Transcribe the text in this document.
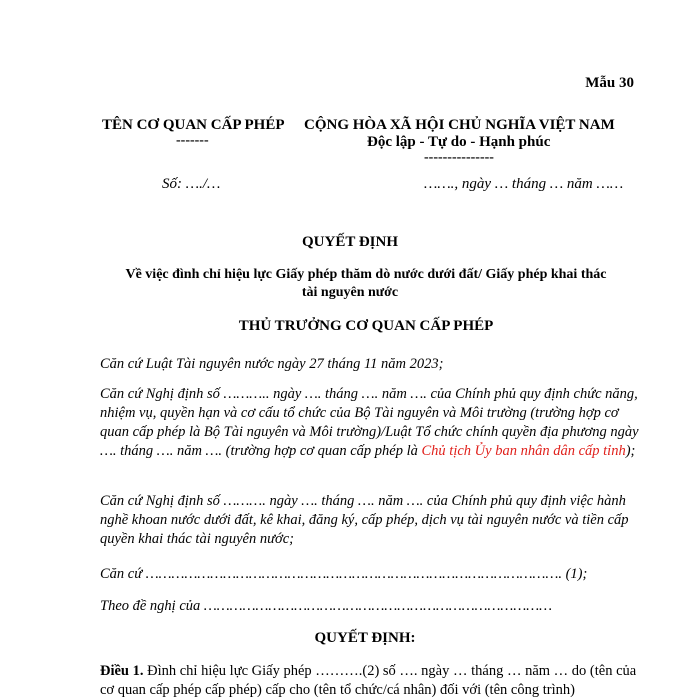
Mẫu 30
TÊN CƠ QUAN CẤP PHÉP
-------
CỘNG HÒA XÃ HỘI CHỦ NGHĨA VIỆT NAM
Độc lập - Tự do - Hạnh phúc
---------------
Số: …./…	……., ngày … tháng … năm ……
QUYẾT ĐỊNH
Về việc đình chỉ hiệu lực Giấy phép thăm dò nước dưới đất/ Giấy phép khai thác
tài nguyên nước
THỦ TRƯỞNG CƠ QUAN CẤP PHÉP
Căn cứ Luật Tài nguyên nước ngày 27 tháng 11 năm 2023;
Căn cứ Nghị định số ……….. ngày …. tháng …. năm …. của Chính phủ quy định chức năng, nhiệm vụ, quyền hạn và cơ cấu tổ chức của Bộ Tài nguyên và Môi trường (trường hợp cơ quan cấp phép là Bộ Tài nguyên và Môi trường)/Luật Tổ chức chính quyền địa phương ngày …. tháng …. năm …. (trường hợp cơ quan cấp phép là Chủ tịch Ủy ban nhân dân cấp tỉnh);
Căn cứ Nghị định số ………. ngày …. tháng …. năm …. của Chính phủ quy định việc hành nghề khoan nước dưới đất, kê khai, đăng ký, cấp phép, dịch vụ tài nguyên nước và tiền cấp quyền khai thác tài nguyên nước;
Căn cứ ……………………………………………………………………………………. (1);
Theo đề nghị của ………………………………………………………………………
QUYẾT ĐỊNH:
Điều 1. Đình chỉ hiệu lực Giấy phép ……….(2) số …. ngày … tháng … năm … do (tên của cơ quan cấp phép cấp phép) cấp cho (tên tổ chức/cá nhân) đối với (tên công trình)
